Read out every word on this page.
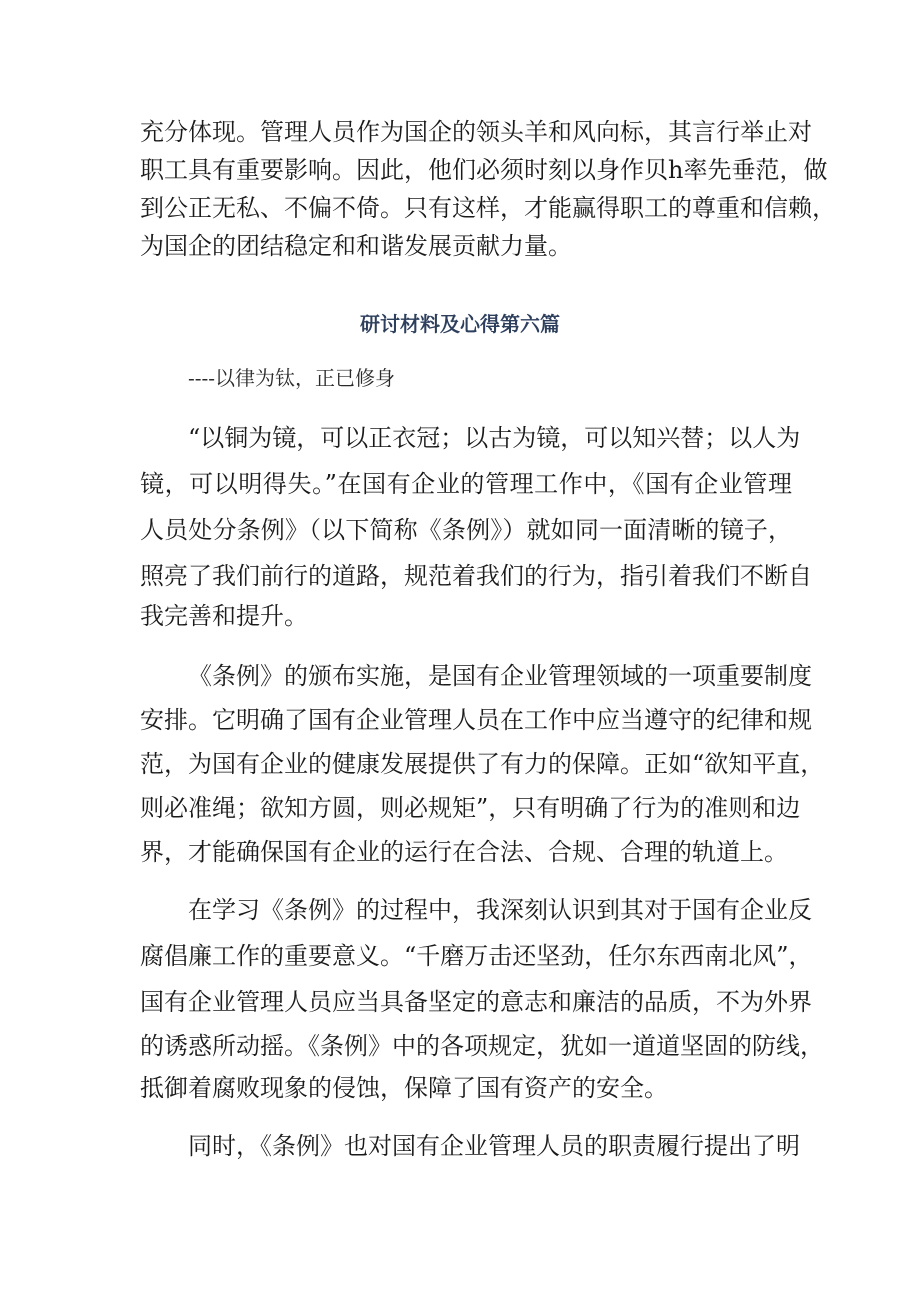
充分体现。管理人员作为国企的领头羊和风向标，其言行举止对
职工具有重要影响。因此，他们必须时刻以身作贝h率先垂范，做
到公正无私、不偏不倚。只有这样，才能赢得职工的尊重和信赖，
为国企的团结稳定和和谐发展贡献力量。
研讨材料及心得第六篇
----以律为钛，正已修身
“以铜为镜，可以正衣冠；以古为镜，可以知兴替；以人为
镜，可以明得失。”在国有企业的管理工作中，《国有企业管理
人员处分条例》（以下简称《条例》）就如同一面清晰的镜子，
照亮了我们前行的道路，规范着我们的行为，指引着我们不断自
我完善和提升。
《条例》的颁布实施，是国有企业管理领域的一项重要制度
安排。它明确了国有企业管理人员在工作中应当遵守的纪律和规
范，为国有企业的健康发展提供了有力的保障。正如“欲知平直，
则必准绳；欲知方圆，则必规矩”，只有明确了行为的准则和边
界，才能确保国有企业的运行在合法、合规、合理的轨道上。
在学习《条例》的过程中，我深刻认识到其对于国有企业反
腐倡廉工作的重要意义。“千磨万击还坚劲，任尔东西南北风”，
国有企业管理人员应当具备坚定的意志和廉洁的品质，不为外界
的诱惑所动摇。《条例》中的各项规定，犹如一道道坚固的防线，
抵御着腐败现象的侵蚀，保障了国有资产的安全。
同时，《条例》也对国有企业管理人员的职责履行提出了明
